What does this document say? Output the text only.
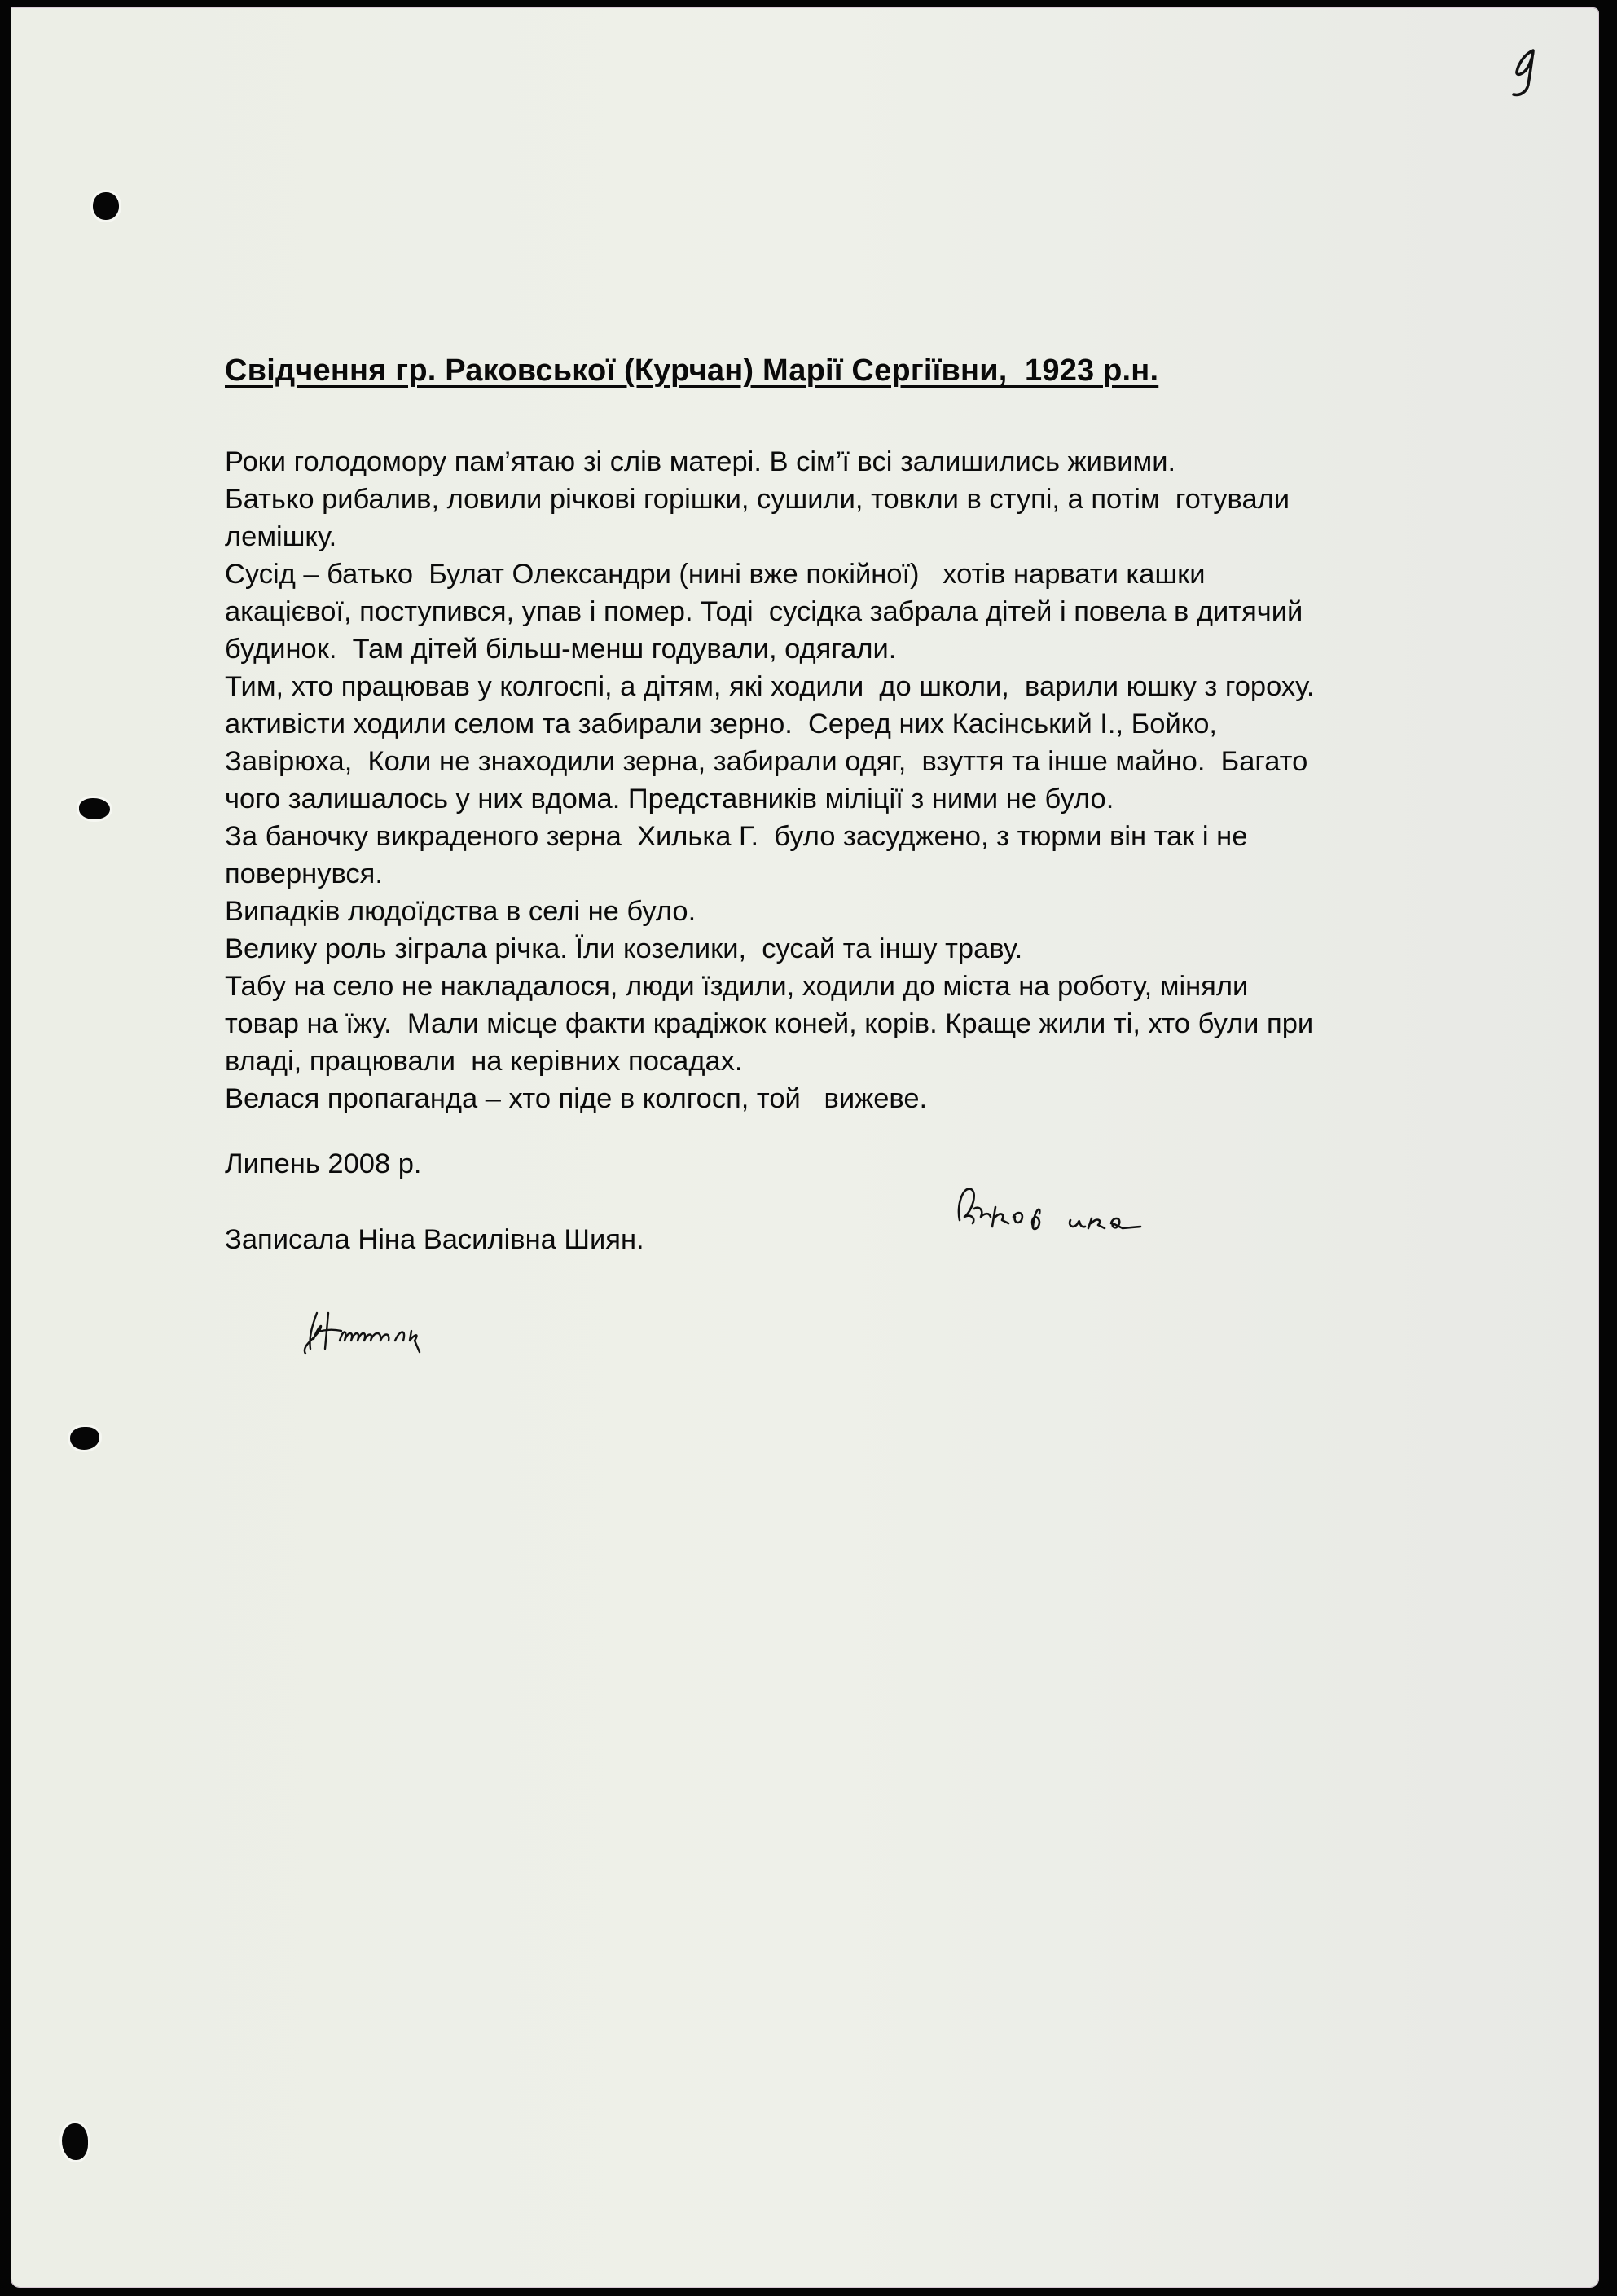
Свідчення гр. Раковської (Курчан) Марії Сергіївни,  1923 р.н.
Роки голодомору пам’ятаю зі слів матері. В сім’ї всі залишились живими.
Батько рибалив, ловили річкові горішки, сушили, товкли в ступі, а потім  готували
лемішку.
Сусід – батько  Булат Олександри (нині вже покійної)   хотів нарвати кашки
акацієвої, поступився, упав і помер. Тоді  сусідка забрала дітей і повела в дитячий
будинок.  Там дітей більш-менш годували, одягали.
Тим, хто працював у колгоспі, а дітям, які ходили  до школи,  варили юшку з гороху.
активісти ходили селом та забирали зерно.  Серед них Касінський І., Бойко,
Завірюха,  Коли не знаходили зерна, забирали одяг,  взуття та інше майно.  Багато
чого залишалось у них вдома. Представників міліції з ними не було.
За баночку викраденого зерна  Хилька Г.  було засуджено, з тюрми він так і не
повернувся.
Випадків людоїдства в селі не було.
Велику роль зіграла річка. Їли козелики,  сусай та іншу траву.
Табу на село не накладалося, люди їздили, ходили до міста на роботу, міняли
товар на їжу.  Мали місце факти крадіжок коней, корів. Краще жили ті, хто були при
владі, працювали  на керівних посадах.
Велася пропаганда – хто піде в колгосп, той   вижеве.
Липень 2008 р.
Записала Ніна Василівна Шиян.
